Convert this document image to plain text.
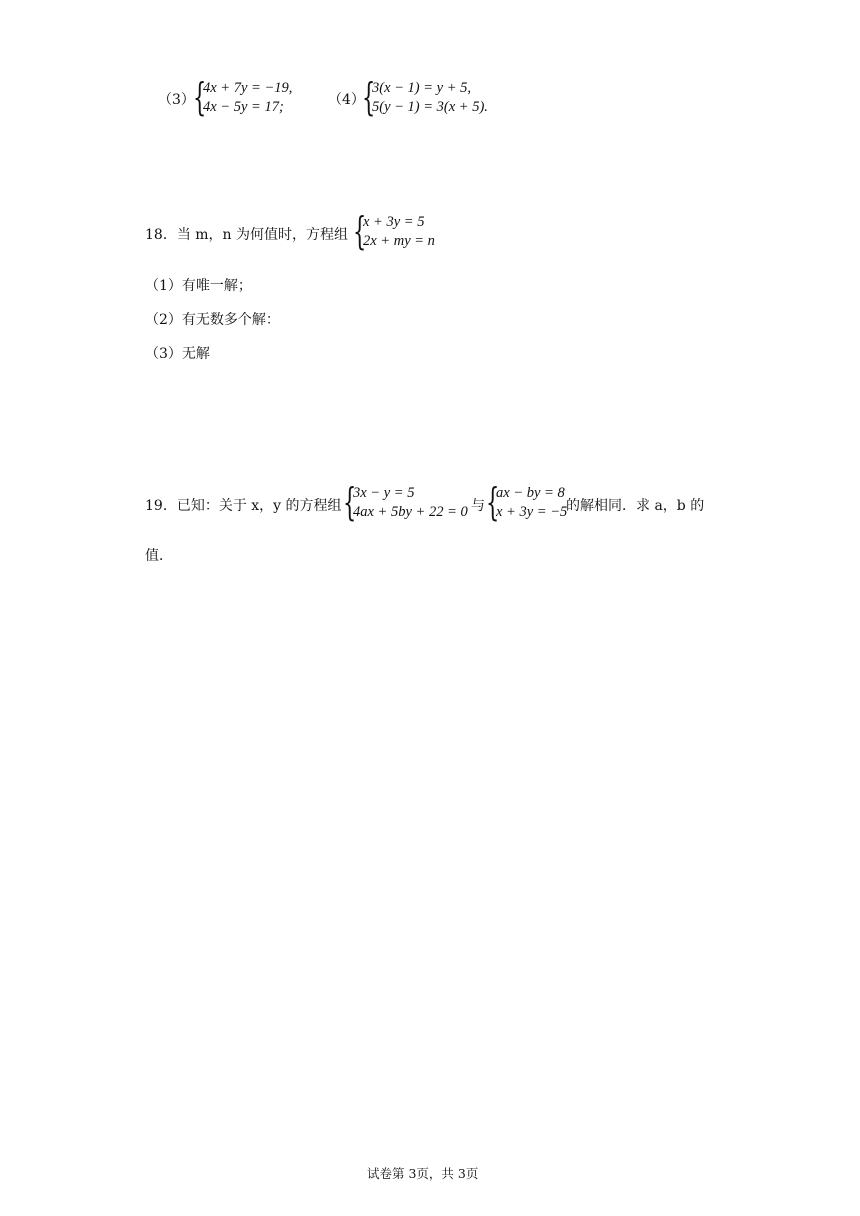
（3）
{
4x + 7y = −19,
4x − 5y = 17;	（4）
{
3(x − 1) = y + 5,
5(y − 1) = 3(x + 5).
18．当 m，n 为何值时，方程组 {
x + 3y = 5
2x + my = n
（1）有唯一解；
（2）有无数多个解：
（3）无解
19．已知：关于 x，y 的方程组 {
3x − y = 5
4ax + 5by + 22 = 0 与 {
ax − by = 8
x + 3y = −5
的解相同．求 a，b 的
值．
试卷第 3页，共 3页
